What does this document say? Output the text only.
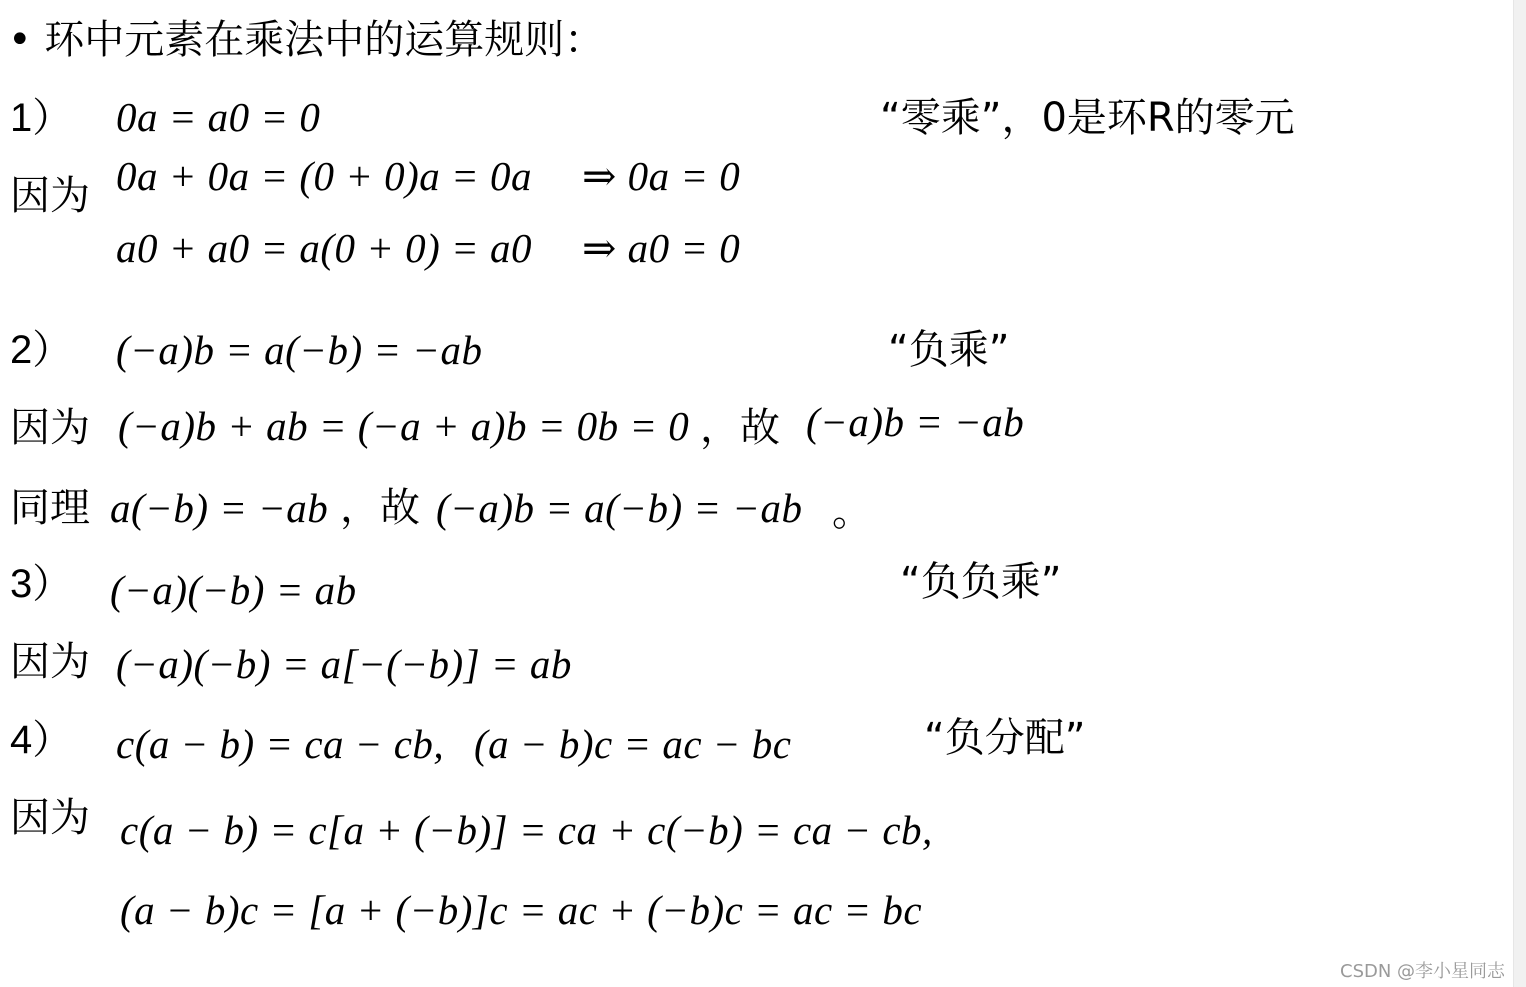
• 环中元素在乘法中的运算规则：
1） 0a = a0 = 0	“零乘”，0是环R的零元
因为 0a + 0a = (0 + 0)a = 0a ⇒ 0a = 0
a0 + a0 = a(0 + 0) = a0 ⇒ a0 = 0
2） (−a)b = a(−b) = −ab	“负乘”
因为 (−a)b + ab = (−a + a)b = 0b = 0 ，故 (−a)b = −ab
同理 a(−b) = −ab ，故 (−a)b = a(−b) = −ab 。
3） (−a)(−b) = ab	“负负乘”
因为 (−a)(−b) = a[−(−b)] = ab
4） c(a − b) = ca − cb, (a − b)c = ac − bc	“负分配”
因为 c(a − b) = c[a + (−b)] = ca + c(−b) = ca − cb,
(a − b)c = [a + (−b)]c = ac + (−b)c = ac = bc
CSDN @李小星同志
